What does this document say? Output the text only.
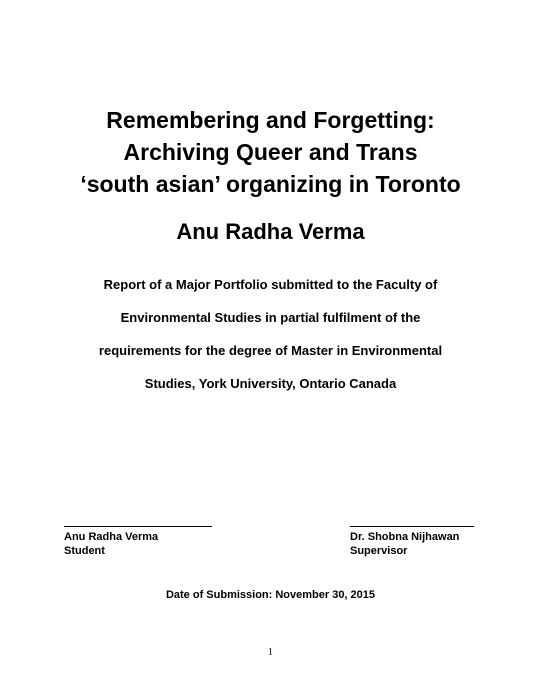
Remembering and Forgetting:
Archiving Queer and Trans
‘south asian’ organizing in Toronto
Anu Radha Verma
Report of a Major Portfolio submitted to the Faculty of
Environmental Studies in partial fulfilment of the
requirements for the degree of Master in Environmental
Studies, York University, Ontario Canada
Anu Radha Verma
Student
Dr. Shobna Nijhawan
Supervisor
Date of Submission: November 30, 2015
1
